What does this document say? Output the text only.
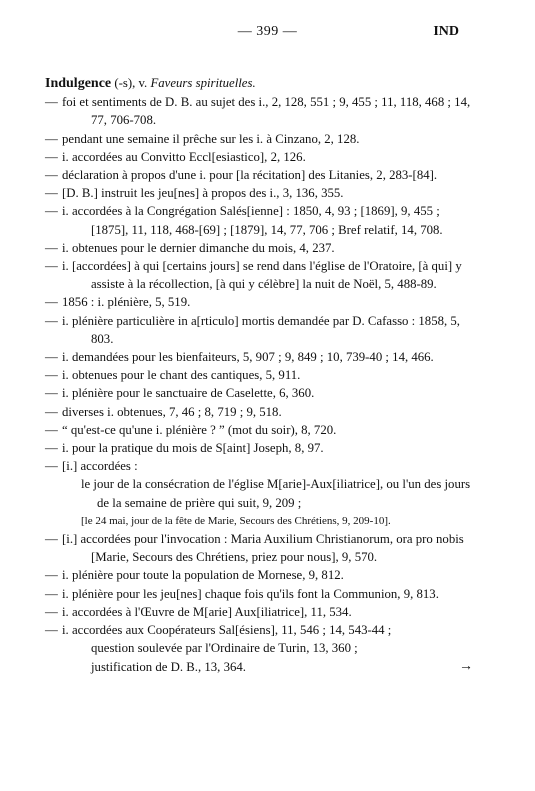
— 399 —	IND
Indulgence (-s), v. Faveurs spirituelles.
— foi et sentiments de D. B. au sujet des i., 2, 128, 551 ; 9, 455 ; 11, 118, 468 ; 14, 77, 706-708.
— pendant une semaine il prêche sur les i. à Cinzano, 2, 128.
— i. accordées au Convitto Eccl[esiastico], 2, 126.
— déclaration à propos d'une i. pour [la récitation] des Litanies, 2, 283-[84].
— [D. B.] instruit les jeu[nes] à propos des i., 3, 136, 355.
— i. accordées à la Congrégation Salés[ienne] : 1850, 4, 93 ; [1869], 9, 455 ; [1875], 11, 118, 468-[69] ; [1879], 14, 77, 706 ; Bref relatif, 14, 708.
— i. obtenues pour le dernier dimanche du mois, 4, 237.
— i. [accordées] à qui [certains jours] se rend dans l'église de l'Oratoire, [à qui] y assiste à la récollection, [à qui y célèbre] la nuit de Noël, 5, 488-89.
— 1856 : i. plénière, 5, 519.
— i. plénière particulière in a[rticulo] mortis demandée par D. Cafasso : 1858, 5, 803.
— i. demandées pour les bienfaiteurs, 5, 907 ; 9, 849 ; 10, 739-40 ; 14, 466.
— i. obtenues pour le chant des cantiques, 5, 911.
— i. plénière pour le sanctuaire de Caselette, 6, 360.
— diverses i. obtenues, 7, 46 ; 8, 719 ; 9, 518.
— “ qu'est-ce qu'une i. plénière ? ” (mot du soir), 8, 720.
— i. pour la pratique du mois de S[aint] Joseph, 8, 97.
— [i.] accordées :
le jour de la consécration de l'église M[arie]-Aux[iliatrice], ou l'un des jours de la semaine de prière qui suit, 9, 209 ;
[le 24 mai, jour de la fête de Marie, Secours des Chrétiens, 9, 209-10].
— [i.] accordées pour l'invocation : Maria Auxilium Christianorum, ora pro nobis [Marie, Secours des Chrétiens, priez pour nous], 9, 570.
— i. plénière pour toute la population de Mornese, 9, 812.
— i. plénière pour les jeu[nes] chaque fois qu'ils font la Communion, 9, 813.
— i. accordées à l'Œuvre de M[arie] Aux[iliatrice], 11, 534.
— i. accordées aux Coopérateurs Sal[ésiens], 11, 546 ; 14, 543-44 ;
question soulevée par l'Ordinaire de Turin, 13, 360 ;
justification de D. B., 13, 364.	→
